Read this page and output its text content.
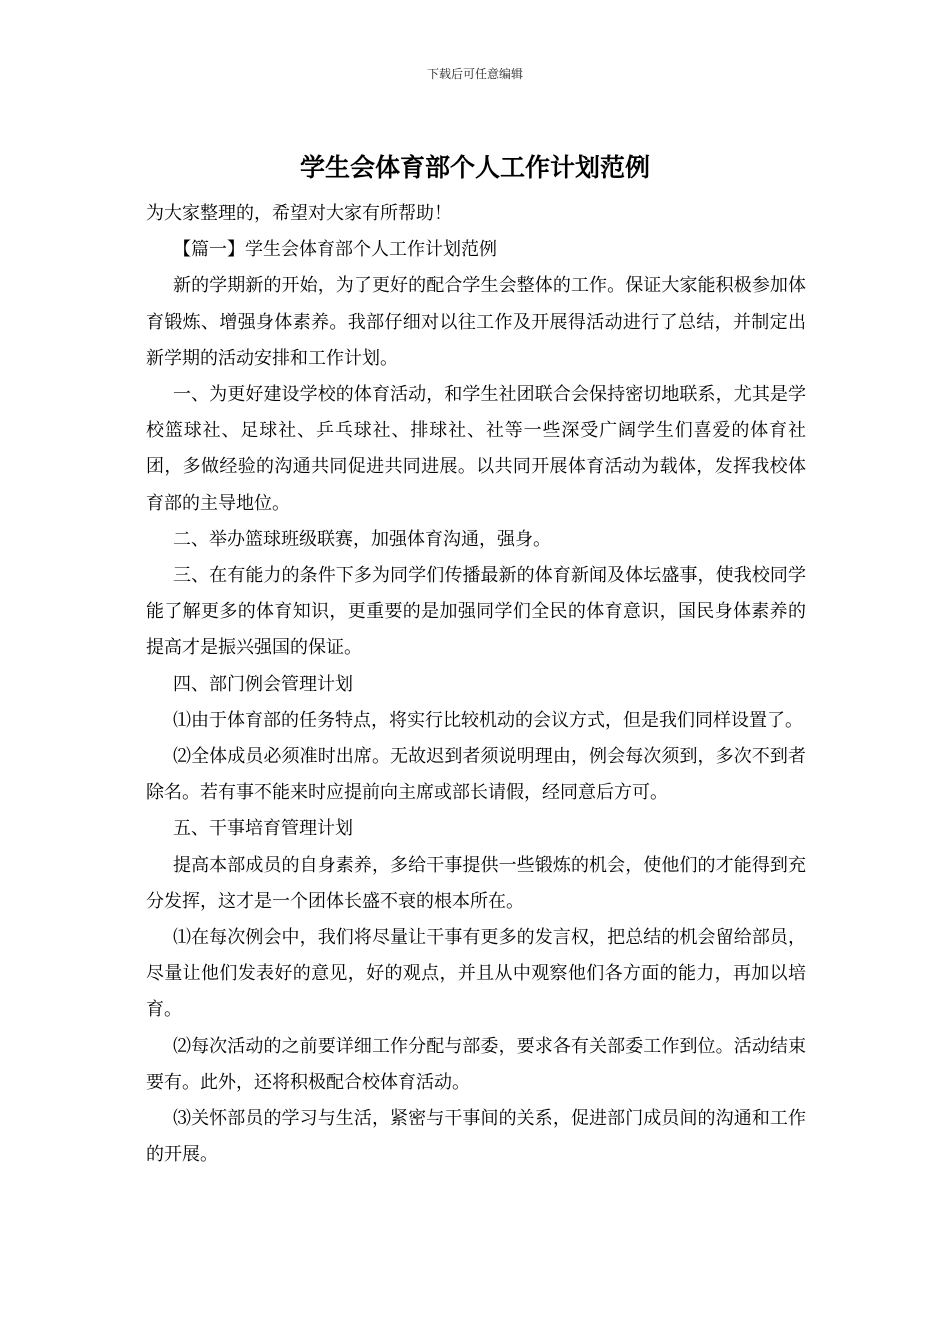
下载后可任意编辑
学生会体育部个人工作计划范例

为大家整理的，希望对大家有所帮助！

【篇一】学生会体育部个人工作计划范例

新的学期新的开始，为了更好的配合学生会整体的工作。保证大家能积极参加体育锻炼、增强身体素养。我部仔细对以往工作及开展得活动进行了总结，并制定出新学期的活动安排和工作计划。

一、为更好建设学校的体育活动，和学生社团联合会保持密切地联系，尤其是学校篮球社、足球社、乒乓球社、排球社、社等一些深受广阔学生们喜爱的体育社团，多做经验的沟通共同促进共同进展。以共同开展体育活动为载体，发挥我校体育部的主导地位。

二、举办篮球班级联赛，加强体育沟通，强身。

三、在有能力的条件下多为同学们传播最新的体育新闻及体坛盛事，使我校同学能了解更多的体育知识，更重要的是加强同学们全民的体育意识，国民身体素养的提高才是振兴强国的保证。

四、部门例会管理计划

⑴由于体育部的任务特点，将实行比较机动的会议方式，但是我们同样设置了。

⑵全体成员必须准时出席。无故迟到者须说明理由，例会每次须到，多次不到者除名。若有事不能来时应提前向主席或部长请假，经同意后方可。

五、干事培育管理计划

提高本部成员的自身素养，多给干事提供一些锻炼的机会，使他们的才能得到充分发挥，这才是一个团体长盛不衰的根本所在。

⑴在每次例会中，我们将尽量让干事有更多的发言权，把总结的机会留给部员，尽量让他们发表好的意见，好的观点，并且从中观察他们各方面的能力，再加以培育。

⑵每次活动的之前要详细工作分配与部委，要求各有关部委工作到位。活动结束要有。此外，还将积极配合校体育活动。

⑶关怀部员的学习与生活，紧密与干事间的关系，促进部门成员间的沟通和工作的开展。
